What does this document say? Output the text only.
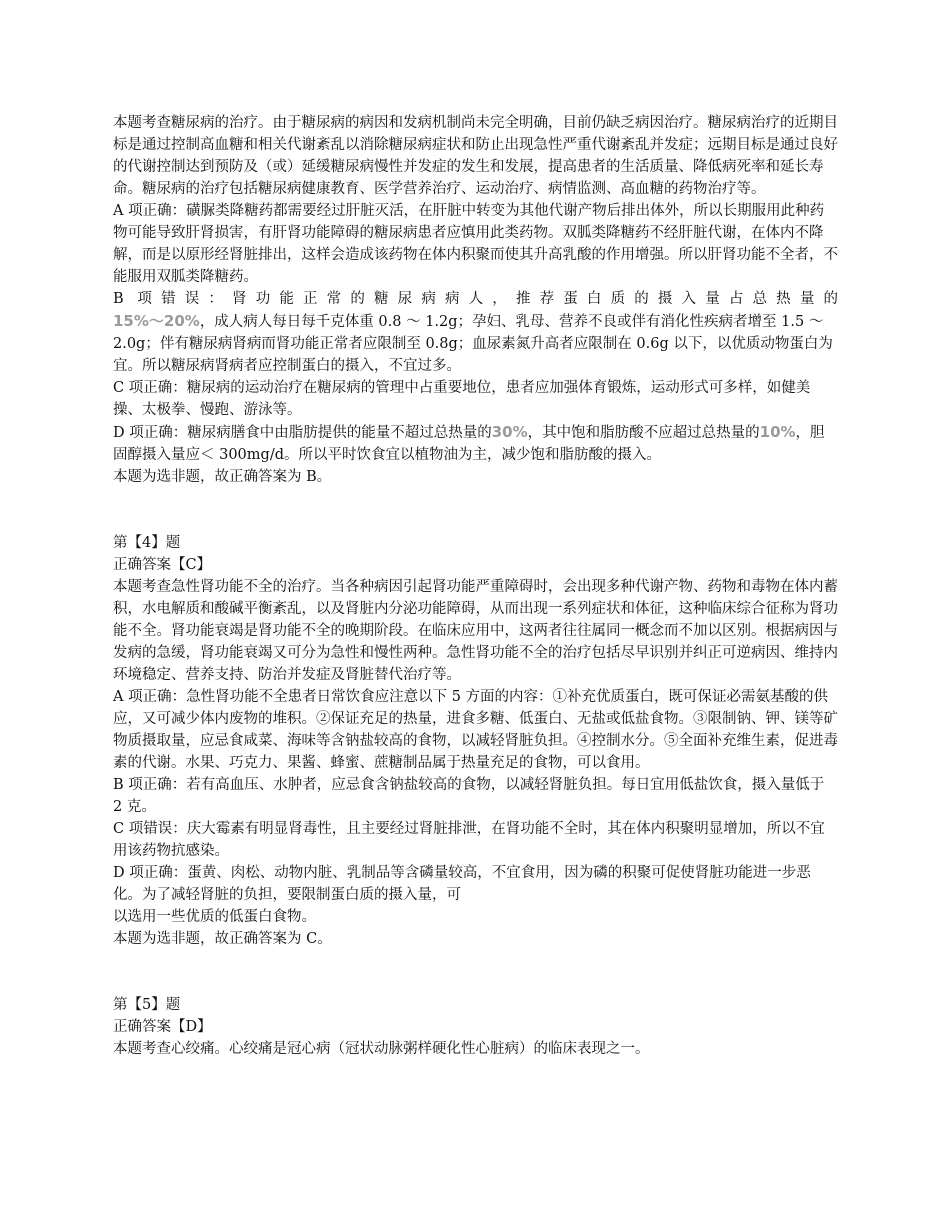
本题考查糖尿病的治疗。由于糖尿病的病因和发病机制尚未完全明确，目前仍缺乏病因治疗。糖尿病治疗的近期目标是通过控制高血糖和相关代谢紊乱以消除糖尿病症状和防止出现急性严重代谢紊乱并发症；远期目标是通过良好的代谢控制达到预防及（或）延缓糖尿病慢性并发症的发生和发展，提高患者的生活质量、降低病死率和延长寿命。糖尿病的治疗包括糖尿病健康教育、医学营养治疗、运动治疗、病情监测、高血糖的药物治疗等。

A 项正确：磺脲类降糖药都需要经过肝脏灭活，在肝脏中转变为其他代谢产物后排出体外，所以长期服用此种药物可能导致肝肾损害，有肝肾功能障碍的糖尿病患者应慎用此类药物。双胍类降糖药不经肝脏代谢，在体内不降解，而是以原形经肾脏排出，这样会造成该药物在体内积聚而使其升高乳酸的作用增强。所以肝肾功能不全者，不能服用双胍类降糖药。

B 项错误：肾功能正常的糖尿病病人，推荐蛋白质的摄入量占总热量的
15%～20%，成人病人每日每千克体重 0.8 ～ 1.2g；孕妇、乳母、营养不良或伴有消化性疾病者增至 1.5 ～ 2.0g；伴有糖尿病肾病而肾功能正常者应限制至 0.8g；血尿素氮升高者应限制在 0.6g 以下，以优质动物蛋白为宜。所以糖尿病肾病者应控制蛋白的摄入，不宜过多。

C 项正确：糖尿病的运动治疗在糖尿病的管理中占重要地位，患者应加强体育锻炼，运动形式可多样，如健美操、太极拳、慢跑、游泳等。

D 项正确：糖尿病膳食中由脂肪提供的能量不超过总热量的30%，其中饱和脂肪酸不应超过总热量的10%，胆固醇摄入量应＜ 300mg/d。所以平时饮食宜以植物油为主，减少饱和脂肪酸的摄入。

本题为选非题，故正确答案为 B。

第【4】题

正确答案【C】

本题考查急性肾功能不全的治疗。当各种病因引起肾功能严重障碍时，会出现多种代谢产物、药物和毒物在体内蓄积，水电解质和酸碱平衡紊乱，以及肾脏内分泌功能障碍，从而出现一系列症状和体征，这种临床综合征称为肾功能不全。肾功能衰竭是肾功能不全的晚期阶段。在临床应用中，这两者往往属同一概念而不加以区别。根据病因与发病的急缓，肾功能衰竭又可分为急性和慢性两种。急性肾功能不全的治疗包括尽早识别并纠正可逆病因、维持内环境稳定、营养支持、防治并发症及肾脏替代治疗等。

A 项正确：急性肾功能不全患者日常饮食应注意以下 5 方面的内容：①补充优质蛋白，既可保证必需氨基酸的供应，又可减少体内废物的堆积。②保证充足的热量，进食多糖、低蛋白、无盐或低盐食物。③限制钠、钾、镁等矿物质摄取量，应忌食咸菜、海味等含钠盐较高的食物，以减轻肾脏负担。④控制水分。⑤全面补充维生素，促进毒素的代谢。水果、巧克力、果酱、蜂蜜、蔗糖制品属于热量充足的食物，可以食用。

B 项正确：若有高血压、水肿者，应忌食含钠盐较高的食物，以减轻肾脏负担。每日宜用低盐饮食，摄入量低于 2 克。

C 项错误：庆大霉素有明显肾毒性，且主要经过肾脏排泄，在肾功能不全时，其在体内积聚明显增加，所以不宜用该药物抗感染。

D 项正确：蛋黄、肉松、动物内脏、乳制品等含磷量较高，不宜食用，因为磷的积聚可促使肾脏功能进一步恶化。为了减轻肾脏的负担，要限制蛋白质的摄入量，可

以选用一些优质的低蛋白食物。

本题为选非题，故正确答案为 C。

第【5】题

正确答案【D】

本题考查心绞痛。心绞痛是冠心病（冠状动脉粥样硬化性心脏病）的临床表现之一。
